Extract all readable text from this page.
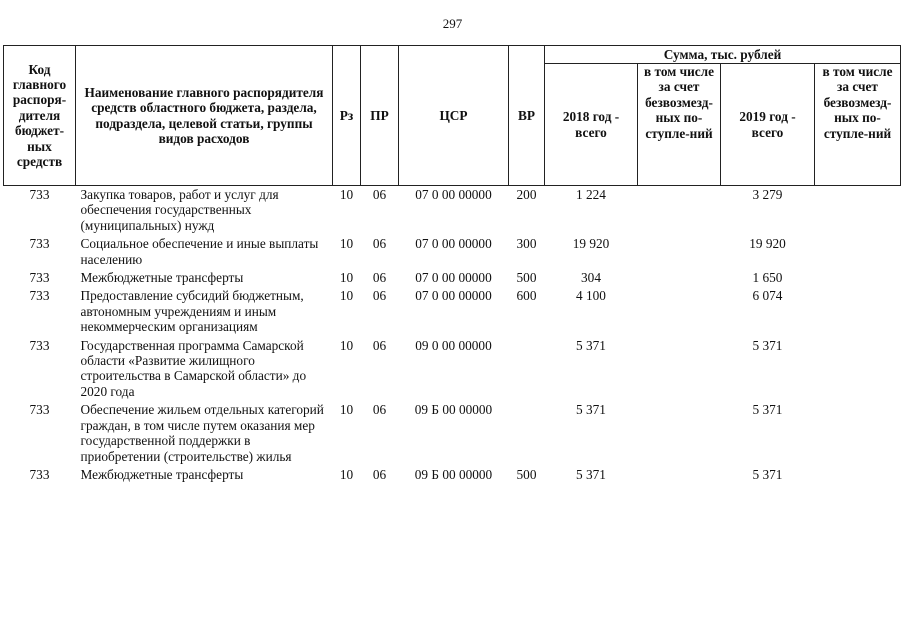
297
Код главного распоря-дителя бюджет-ных средств	Наименование главного распорядителя средств областного бюджета, раздела, подраздела, целевой статьи, группы видов расходов	Рз	ПР	ЦСР	ВР	Сумма, тыс. рублей			
						2018 год - всего	в том числе за счет безвозмезд-ных по-ступле-ний	2019 год - всего	в том числе за счет безвозмезд-ных по-ступле-ний
733	Закупка товаров, работ и услуг для обеспечения государственных (муниципальных) нужд	10	06	07 0 00 00000	200	1 224		3 279	
733	Социальное обеспечение и иные выплаты населению	10	06	07 0 00 00000	300	19 920		19 920	
733	Межбюджетные трансферты	10	06	07 0 00 00000	500	304		1 650	
733	Предоставление субсидий бюджетным, автономным учреждениям и иным некоммерческим организациям	10	06	07 0 00 00000	600	4 100		6 074	
733	Государственная программа Самарской области «Развитие жилищного строительства в Самарской области» до 2020 года	10	06	09 0 00 00000		5 371		5 371	
733	Обеспечение жильем отдельных категорий граждан, в том числе путем оказания мер государственной поддержки в приобретении (строительстве) жилья	10	06	09 Б 00 00000		5 371		5 371	
733	Межбюджетные трансферты	10	06	09 Б 00 00000	500	5 371		5 371	
